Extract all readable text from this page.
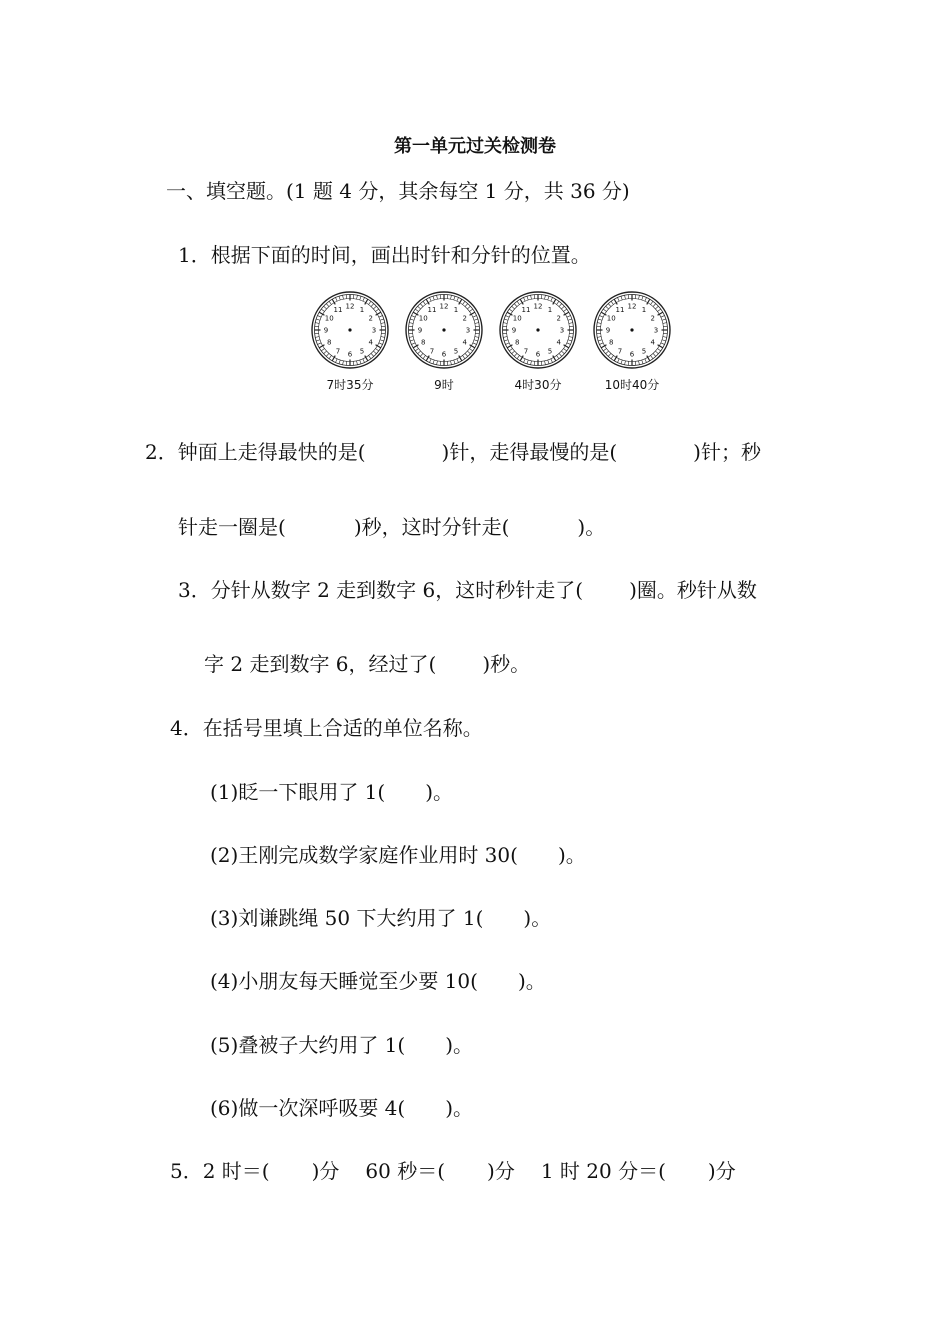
第一单元过关检测卷
一、填空题。(1 题 4 分，其余每空 1 分，共 36 分)
1．根据下面的时间，画出时针和分针的位置。
12 1
2
3
4
5
6
7
8
9
10
11
7时35分
12 1
2
3
4
5
6
7
8
9
10
11
9时
12 1
2
3
4
5
6
7
8
9
10
11
4时30分
12 1
2
3
4
5
6
7
8
9
10
11
10时40分
2．钟面上走得最快的是(	)针，走得最慢的是(	)针；秒
针走一圈是(	)秒，这时分针走(	)。
3．分针从数字 2 走到数字 6，这时秒针走了( )圈。秒针从数
字 2 走到数字 6，经过了( )秒。
4．在括号里填上合适的单位名称。
(1)眨一下眼用了 1( )。
(2)王刚完成数学家庭作业用时 30( )。
(3)刘谦跳绳 50 下大约用了 1( )。
(4)小朋友每天睡觉至少要 10( )。
(5)叠被子大约用了 1( )。
(6)做一次深呼吸要 4( )。
5．2 时＝( )分 60 秒＝( )分 1 时 20 分＝( )分
